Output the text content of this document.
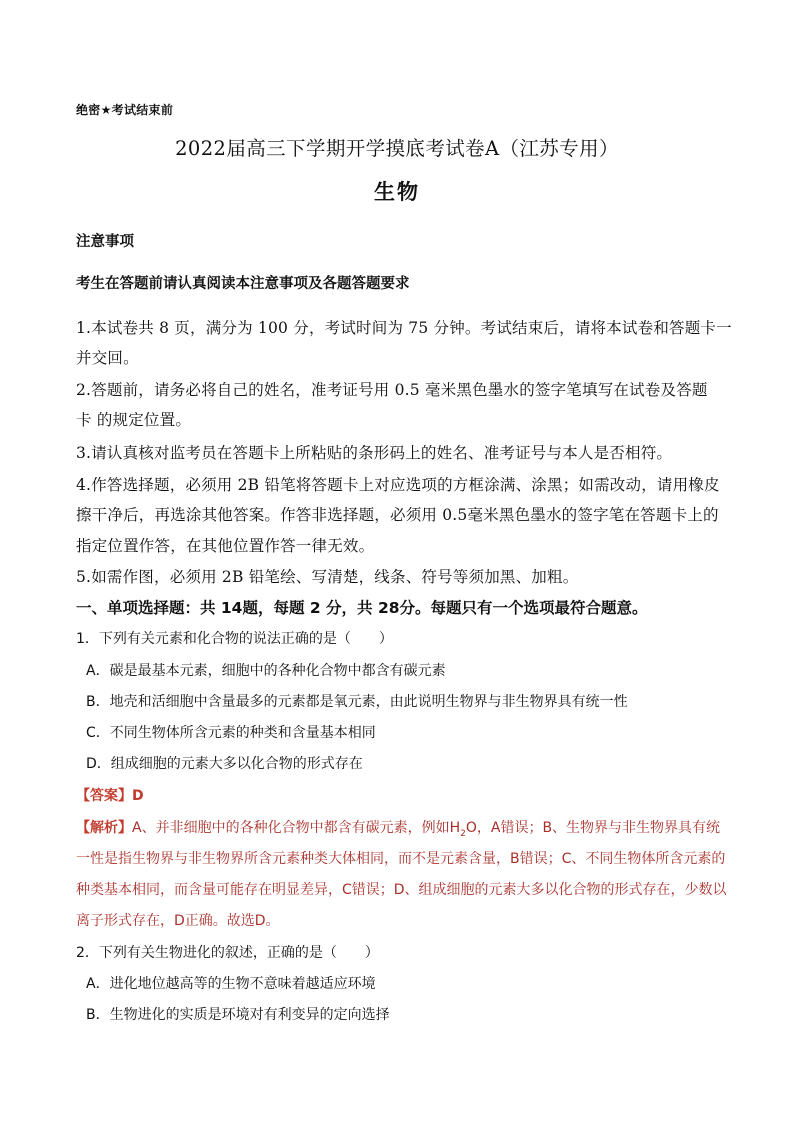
绝密★考试结束前
2022届高三下学期开学摸底考试卷A（江苏专用）
生物
注意事项
考生在答题前请认真阅读本注意事项及各题答题要求
1.本试卷共 8 页，满分为 100 分，考试时间为 75 分钟。考试结束后，请将本试卷和答题卡一
并交回。
2.答题前，请务必将自己的姓名，准考证号用 0.5 毫米黑色墨水的签字笔填写在试卷及答题
卡 的规定位置。
3.请认真核对监考员在答题卡上所粘贴的条形码上的姓名、准考证号与本人是否相符。
4.作答选择题，必须用 2B 铅笔将答题卡上对应选项的方框涂满、涂黑；如需改动，请用橡皮
擦干净后，再选涂其他答案。作答非选择题，必须用 0.5毫米黑色墨水的签字笔在答题卡上的
指定位置作答，在其他位置作答一律无效。
5.如需作图，必须用 2B 铅笔绘、写清楚，线条、符号等须加黑、加粗。
一、单项选择题：共 14题，每题 2 分，共 28分。每题只有一个选项最符合题意。
1．下列有关元素和化合物的说法正确的是（　　）
A．碳是最基本元素，细胞中的各种化合物中都含有碳元素
B．地壳和活细胞中含量最多的元素都是氧元素，由此说明生物界与非生物界具有统一性
C．不同生物体所含元素的种类和含量基本相同
D．组成细胞的元素大多以化合物的形式存在
【答案】D
【解析】A、并非细胞中的各种化合物中都含有碳元素，例如$H_2O$，A错误；B、生物界与非生物界具有统
一性是指生物界与非生物界所含元素种类大体相同，而不是元素含量，B错误；C、不同生物体所含元素的
种类基本相同，而含量可能存在明显差异，C错误；D、组成细胞的元素大多以化合物的形式存在，少数以
离子形式存在，D正确。故选D。
2．下列有关生物进化的叙述，正确的是（　　）
A．进化地位越高等的生物不意味着越适应环境
B．生物进化的实质是环境对有利变异的定向选择
